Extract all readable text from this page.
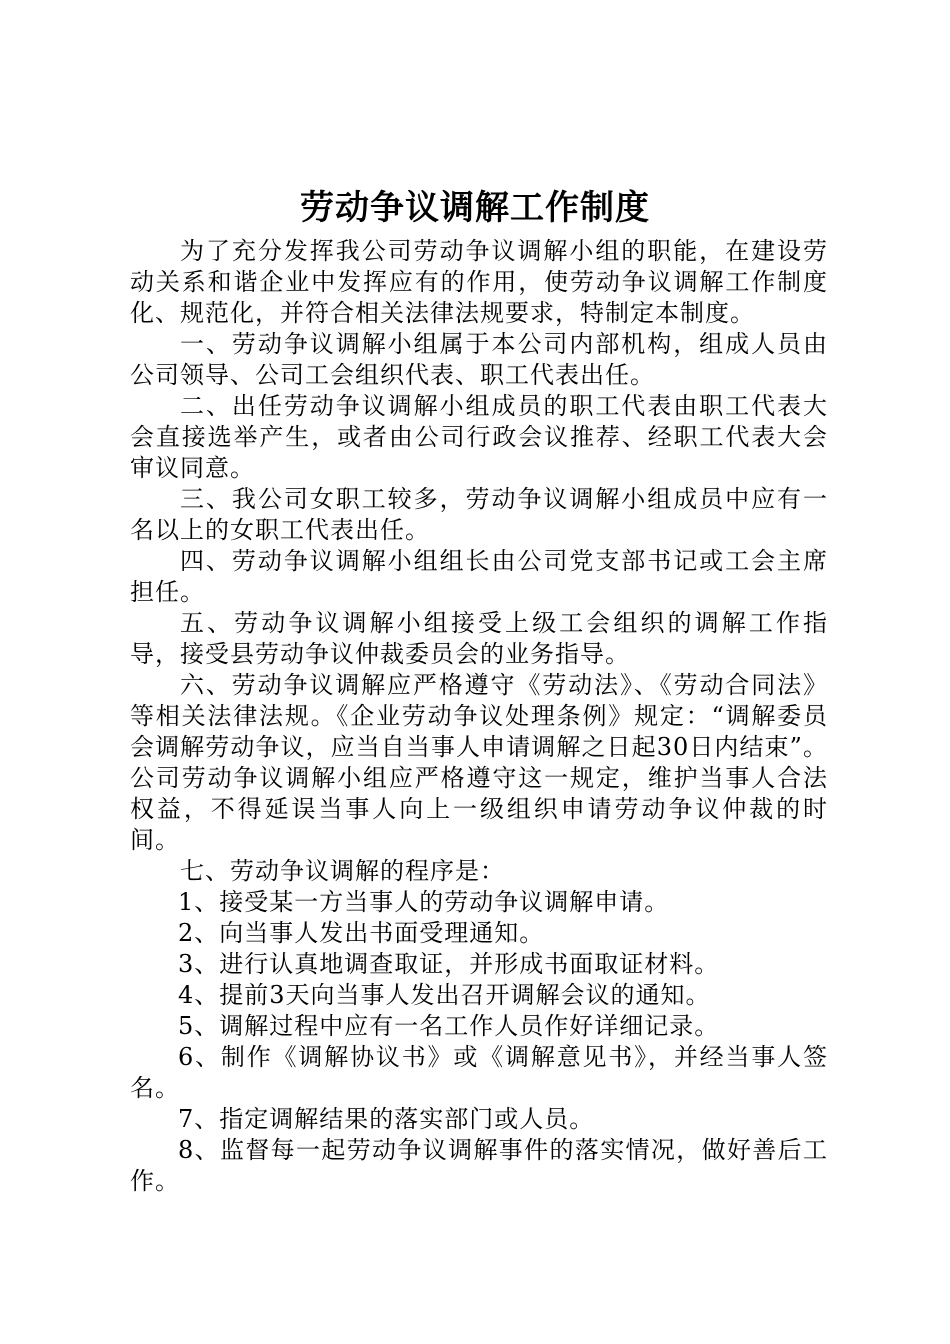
劳动争议调解工作制度

为了充分发挥我公司劳动争议调解小组的职能，在建设劳动关系和谐企业中发挥应有的作用，使劳动争议调解工作制度化、规范化，并符合相关法律法规要求，特制定本制度。

一、劳动争议调解小组属于本公司内部机构，组成人员由公司领导、公司工会组织代表、职工代表出任。

二、出任劳动争议调解小组成员的职工代表由职工代表大会直接选举产生，或者由公司行政会议推荐、经职工代表大会审议同意。

三、我公司女职工较多，劳动争议调解小组成员中应有一名以上的女职工代表出任。

四、劳动争议调解小组组长由公司党支部书记或工会主席担任。

五、劳动争议调解小组接受上级工会组织的调解工作指导，接受县劳动争议仲裁委员会的业务指导。

六、劳动争议调解应严格遵守《劳动法》、《劳动合同法》等相关法律法规。《企业劳动争议处理条例》规定：“调解委员会调解劳动争议，应当自当事人申请调解之日起30日内结束”。公司劳动争议调解小组应严格遵守这一规定，维护当事人合法权益，不得延误当事人向上一级组织申请劳动争议仲裁的时间。

七、劳动争议调解的程序是：

1、接受某一方当事人的劳动争议调解申请。

2、向当事人发出书面受理通知。

3、进行认真地调查取证，并形成书面取证材料。

4、提前3天向当事人发出召开调解会议的通知。

5、调解过程中应有一名工作人员作好详细记录。

6、制作《调解协议书》或《调解意见书》，并经当事人签名。

7、指定调解结果的落实部门或人员。

8、监督每一起劳动争议调解事件的落实情况，做好善后工作。
